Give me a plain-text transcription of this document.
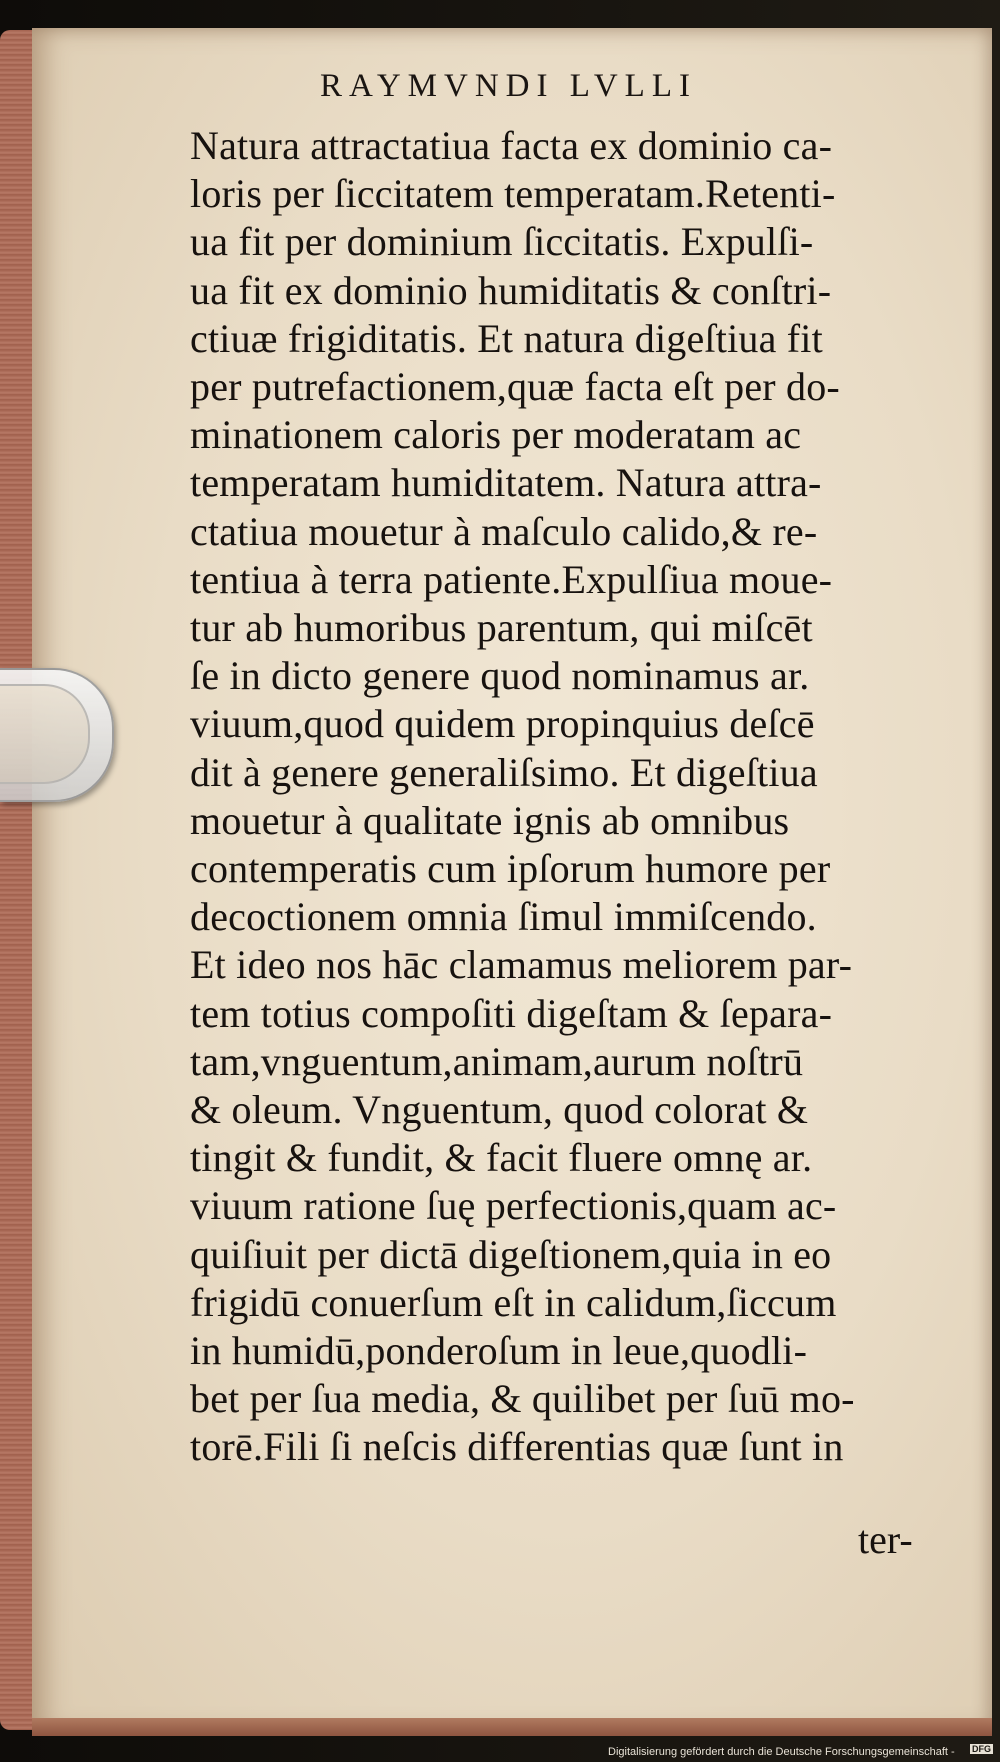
RAYMVNDI LVLLI
Natura attractatiua facta ex dominio ca-
loris per ſiccitatem temperatam.Retenti-
ua fit per dominium ſiccitatis. Expulſi-
ua fit ex dominio humiditatis & conſtri-
ctiuæ frigiditatis. Et natura digeſtiua fit
per putrefactionem,quæ facta eſt per do-
minationem caloris per moderatam ac
temperatam humiditatem. Natura attra-
ctatiua mouetur à maſculo calido,& re-
tentiua à terra patiente.Expulſiua moue-
tur ab humoribus parentum, qui miſcēt
ſe in dicto genere quod nominamus ar.
viuum,quod quidem propinquius deſcē
dit à genere generaliſsimo. Et digeſtiua
mouetur à qualitate ignis ab omnibus
contemperatis cum ipſorum humore per
decoctionem omnia ſimul immiſcendo.
Et ideo nos hāc clamamus meliorem par-
tem totius compoſiti digeſtam & ſepara-
tam,vnguentum,animam,aurum noſtrū
& oleum. Vnguentum, quod colorat &
tingit & fundit, & facit fluere omnę ar.
viuum ratione ſuę perfectionis,quam ac-
quiſiuit per dictā digeſtionem,quia in eo
frigidū conuerſum eſt in calidum,ſiccum
in humidū,ponderoſum in leue,quodli-
bet per ſua media, & quilibet per ſuū mo-
torē.Fili ſi neſcis differentias quæ ſunt in
ter-
Digitalisierung gefördert durch die Deutsche Forschungsgemeinschaft - DFG
